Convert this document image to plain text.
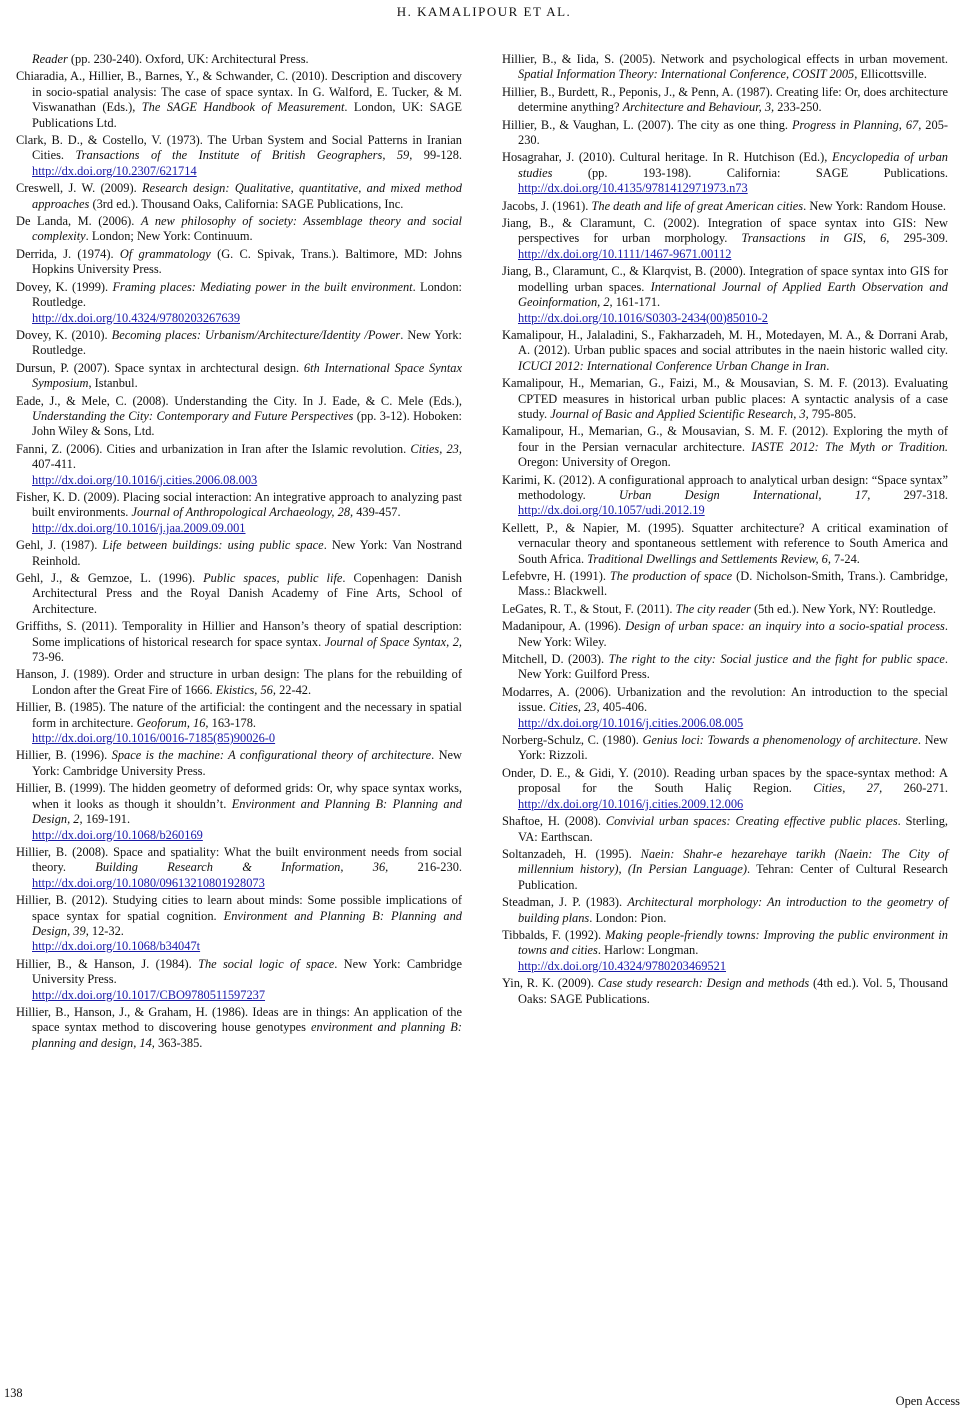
H. KAMALIPOUR ET AL.

Reader (pp. 230-240). Oxford, UK: Architectural Press.

Chiaradia, A., Hillier, B., Barnes, Y., & Schwander, C. (2010). Description and discovery in socio-spatial analysis: The case of space syntax. In G. Walford, E. Tucker, & M. Viswanathan (Eds.), The SAGE Handbook of Measurement. London, UK: SAGE Publications Ltd.

Clark, B. D., & Costello, V. (1973). The Urban System and Social Patterns in Iranian Cities. Transactions of the Institute of British Geographers, 59, 99-128. http://dx.doi.org/10.2307/621714

Creswell, J. W. (2009). Research design: Qualitative, quantitative, and mixed method approaches (3rd ed.). Thousand Oaks, California: SAGE Publications, Inc.

De Landa, M. (2006). A new philosophy of society: Assemblage theory and social complexity. London; New York: Continuum.

Derrida, J. (1974). Of grammatology (G. C. Spivak, Trans.). Baltimore, MD: Johns Hopkins University Press.

Dovey, K. (1999). Framing places: Mediating power in the built environment. London: Routledge.
http://dx.doi.org/10.4324/9780203267639

Dovey, K. (2010). Becoming places: Urbanism/Architecture/Identity /Power. New York: Routledge.

Dursun, P. (2007). Space syntax in archtectural design. 6th International Space Syntax Symposium, Istanbul.

Eade, J., & Mele, C. (2008). Understanding the City. In J. Eade, & C. Mele (Eds.), Understanding the City: Contemporary and Future Perspectives (pp. 3-12). Hoboken: John Wiley & Sons, Ltd.

Fanni, Z. (2006). Cities and urbanization in Iran after the Islamic revolution. Cities, 23, 407-411.
http://dx.doi.org/10.1016/j.cities.2006.08.003

Fisher, K. D. (2009). Placing social interaction: An integrative approach to analyzing past built environments. Journal of Anthropological Archaeology, 28, 439-457.
http://dx.doi.org/10.1016/j.jaa.2009.09.001

Gehl, J. (1987). Life between buildings: using public space. New York: Van Nostrand Reinhold.

Gehl, J., & Gemzoe, L. (1996). Public spaces, public life. Copenhagen: Danish Architectural Press and the Royal Danish Academy of Fine Arts, School of Architecture.

Griffiths, S. (2011). Temporality in Hillier and Hanson’s theory of spatial description: Some implications of historical research for space syntax. Journal of Space Syntax, 2, 73-96.

Hanson, J. (1989). Order and structure in urban design: The plans for the rebuilding of London after the Great Fire of 1666. Ekistics, 56, 22-42.

Hillier, B. (1985). The nature of the artificial: the contingent and the necessary in spatial form in architecture. Geoforum, 16, 163-178.
http://dx.doi.org/10.1016/0016-7185(85)90026-0

Hillier, B. (1996). Space is the machine: A configurational theory of architecture. New York: Cambridge University Press.

Hillier, B. (1999). The hidden geometry of deformed grids: Or, why space syntax works, when it looks as though it shouldn’t. Environment and Planning B: Planning and Design, 2, 169-191.
http://dx.doi.org/10.1068/b260169

Hillier, B. (2008). Space and spatiality: What the built environment needs from social theory. Building Research & Information, 36, 216-230. http://dx.doi.org/10.1080/09613210801928073

Hillier, B. (2012). Studying cities to learn about minds: Some possible implications of space syntax for spatial cognition. Environment and Planning B: Planning and Design, 39, 12-32.
http://dx.doi.org/10.1068/b34047t

Hillier, B., & Hanson, J. (1984). The social logic of space. New York: Cambridge University Press.
http://dx.doi.org/10.1017/CBO9780511597237

Hillier, B., Hanson, J., & Graham, H. (1986). Ideas are in things: An application of the space syntax method to discovering house genotypes environment and planning B: planning and design, 14, 363-385.

Hillier, B., & Iida, S. (2005). Network and psychological effects in urban movement. Spatial Information Theory: International Conference, COSIT 2005, Ellicottsville.

Hillier, B., Burdett, R., Peponis, J., & Penn, A. (1987). Creating life: Or, does architecture determine anything? Architecture and Behaviour, 3, 233-250.

Hillier, B., & Vaughan, L. (2007). The city as one thing. Progress in Planning, 67, 205-230.

Hosagrahar, J. (2010). Cultural heritage. In R. Hutchison (Ed.), Encyclopedia of urban studies (pp. 193-198). California: SAGE Publications. http://dx.doi.org/10.4135/9781412971973.n73

Jacobs, J. (1961). The death and life of great American cities. New York: Random House.

Jiang, B., & Claramunt, C. (2002). Integration of space syntax into GIS: New perspectives for urban morphology. Transactions in GIS, 6, 295-309. http://dx.doi.org/10.1111/1467-9671.00112

Jiang, B., Claramunt, C., & Klarqvist, B. (2000). Integration of space syntax into GIS for modelling urban spaces. International Journal of Applied Earth Observation and Geoinformation, 2, 161-171.
http://dx.doi.org/10.1016/S0303-2434(00)85010-2

Kamalipour, H., Jalaladini, S., Fakharzadeh, M. H., Motedayen, M. A., & Dorrani Arab, A. (2012). Urban public spaces and social attributes in the naein historic walled city. ICUCI 2012: International Conference Urban Change in Iran.

Kamalipour, H., Memarian, G., Faizi, M., & Mousavian, S. M. F. (2013). Evaluating CPTED measures in historical urban public places: A syntactic analysis of a case study. Journal of Basic and Applied Scientific Research, 3, 795-805.

Kamalipour, H., Memarian, G., & Mousavian, S. M. F. (2012). Exploring the myth of four in the Persian vernacular architecture. IASTE 2012: The Myth or Tradition. Oregon: University of Oregon.

Karimi, K. (2012). A configurational approach to analytical urban design: “Space syntax” methodology. Urban Design International, 17, 297-318. http://dx.doi.org/10.1057/udi.2012.19

Kellett, P., & Napier, M. (1995). Squatter architecture? A critical examination of vernacular theory and spontaneous settlement with reference to South America and South Africa. Traditional Dwellings and Settlements Review, 6, 7-24.

Lefebvre, H. (1991). The production of space (D. Nicholson-Smith, Trans.). Cambridge, Mass.: Blackwell.

LeGates, R. T., & Stout, F. (2011). The city reader (5th ed.). New York, NY: Routledge.

Madanipour, A. (1996). Design of urban space: an inquiry into a socio-spatial process. New York: Wiley.

Mitchell, D. (2003). The right to the city: Social justice and the fight for public space. New York: Guilford Press.

Modarres, A. (2006). Urbanization and the revolution: An introduction to the special issue. Cities, 23, 405-406.
http://dx.doi.org/10.1016/j.cities.2006.08.005

Norberg-Schulz, C. (1980). Genius loci: Towards a phenomenology of architecture. New York: Rizzoli.

Onder, D. E., & Gidi, Y. (2010). Reading urban spaces by the space-syntax method: A proposal for the South Haliç Region. Cities, 27, 260-271. http://dx.doi.org/10.1016/j.cities.2009.12.006

Shaftoe, H. (2008). Convivial urban spaces: Creating effective public places. Sterling, VA: Earthscan.

Soltanzadeh, H. (1995). Naein: Shahr-e hezarehaye tarikh (Naein: The City of millennium history), (In Persian Language). Tehran: Center of Cultural Research Publication.

Steadman, J. P. (1983). Architectural morphology: An introduction to the geometry of building plans. London: Pion.

Tibbalds, F. (1992). Making people-friendly towns: Improving the public environment in towns and cities. Harlow: Longman.
http://dx.doi.org/10.4324/9780203469521

Yin, R. K. (2009). Case study research: Design and methods (4th ed.). Vol. 5, Thousand Oaks: SAGE Publications.

138
Open Access
